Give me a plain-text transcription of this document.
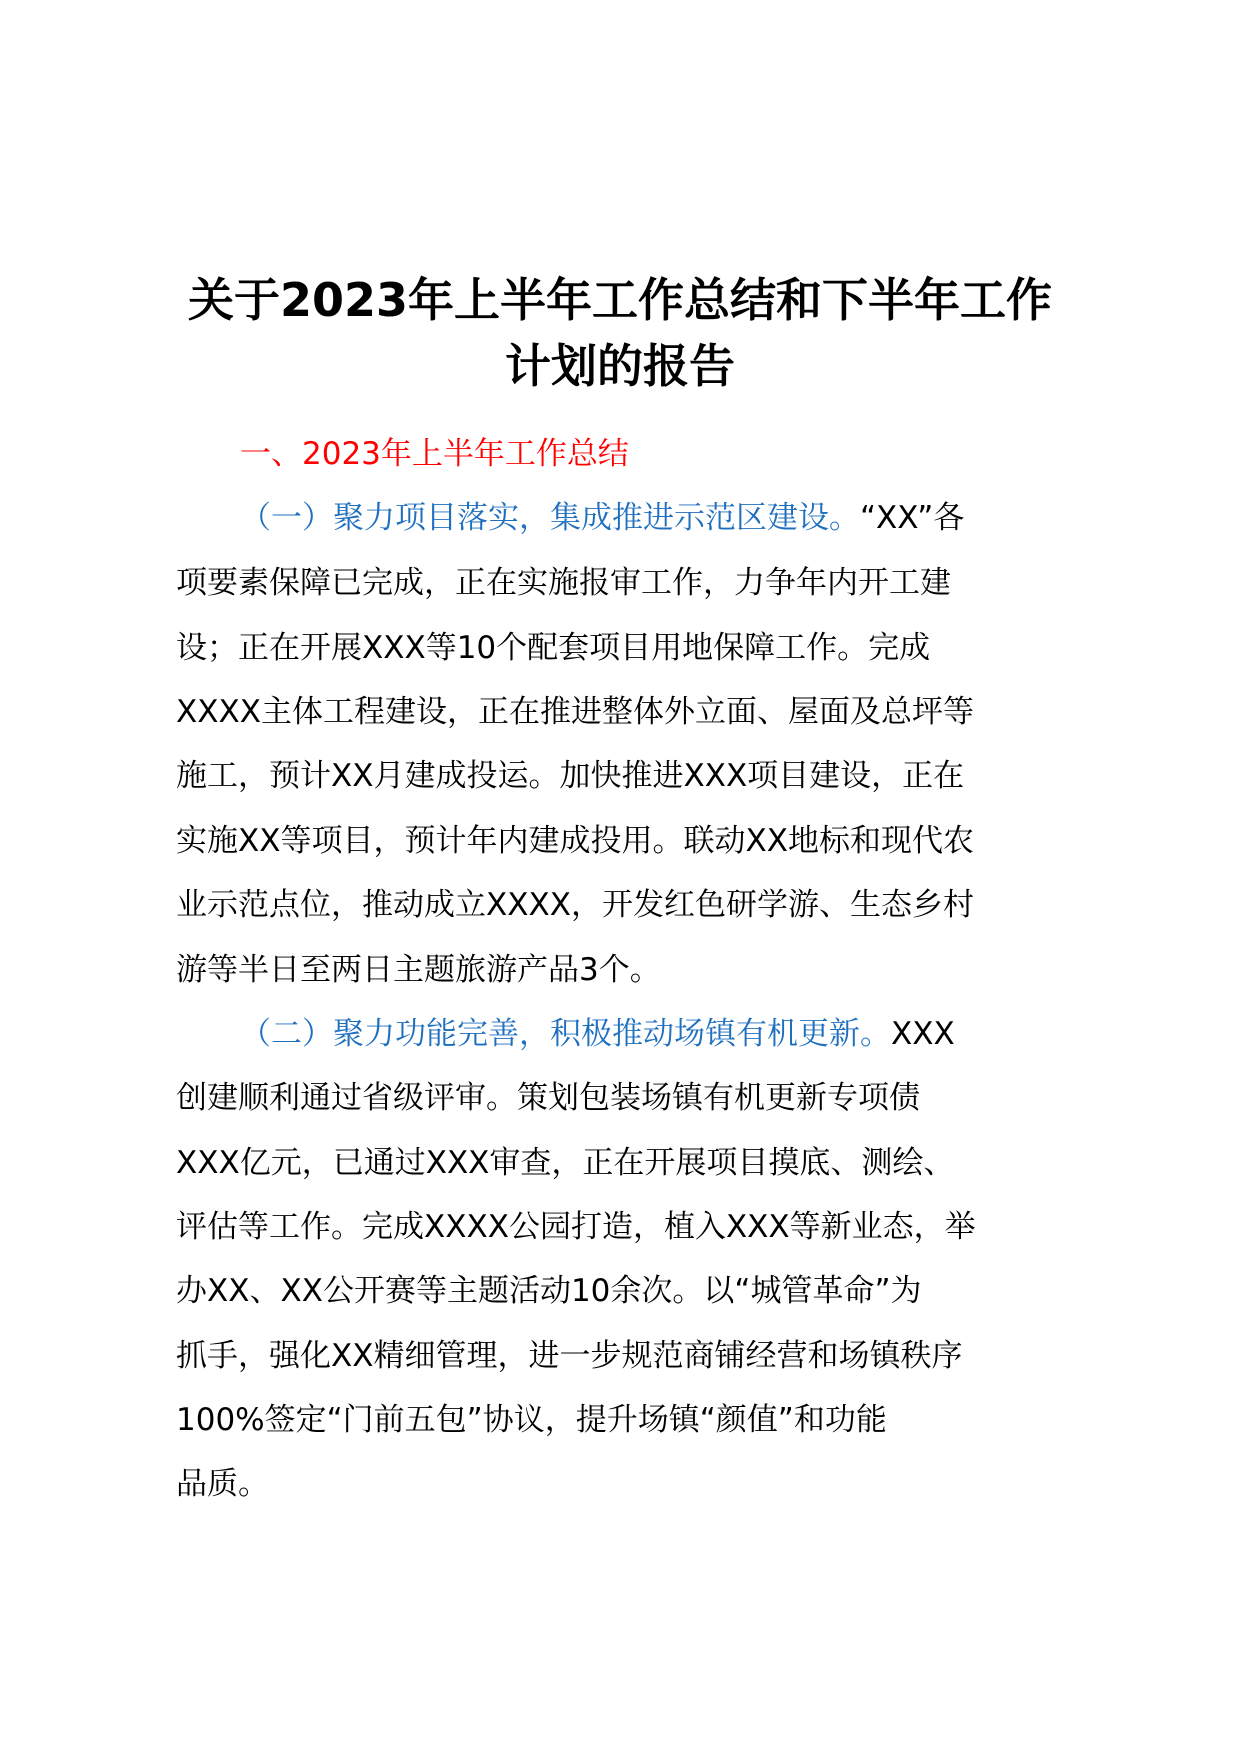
关于2023年上半年工作总结和下半年工作
计划的报告
一、2023年上半年工作总结

（一）聚力项目落实，集成推进示范区建设。“XX”各

项要素保障已完成，正在实施报审工作，力争年内开工建

设；正在开展XXX等10个配套项目用地保障工作。完成

XXXX主体工程建设，正在推进整体外立面、屋面及总坪等

施工，预计XX月建成投运。加快推进XXX项目建设，正在

实施XX等项目，预计年内建成投用。联动XX地标和现代农

业示范点位，推动成立XXXX，开发红色研学游、生态乡村

游等半日至两日主题旅游产品3个。

（二）聚力功能完善，积极推动场镇有机更新。XXX

创建顺利通过省级评审。策划包装场镇有机更新专项债

XXX亿元，已通过XXX审查，正在开展项目摸底、测绘、

评估等工作。完成XXXX公园打造，植入XXX等新业态，举

办XX、XX公开赛等主题活动10余次。以“城管革命”为

抓手，强化XX精细管理，进一步规范商铺经营和场镇秩序

100%签定“门前五包”协议，提升场镇“颜值”和功能

品质。
